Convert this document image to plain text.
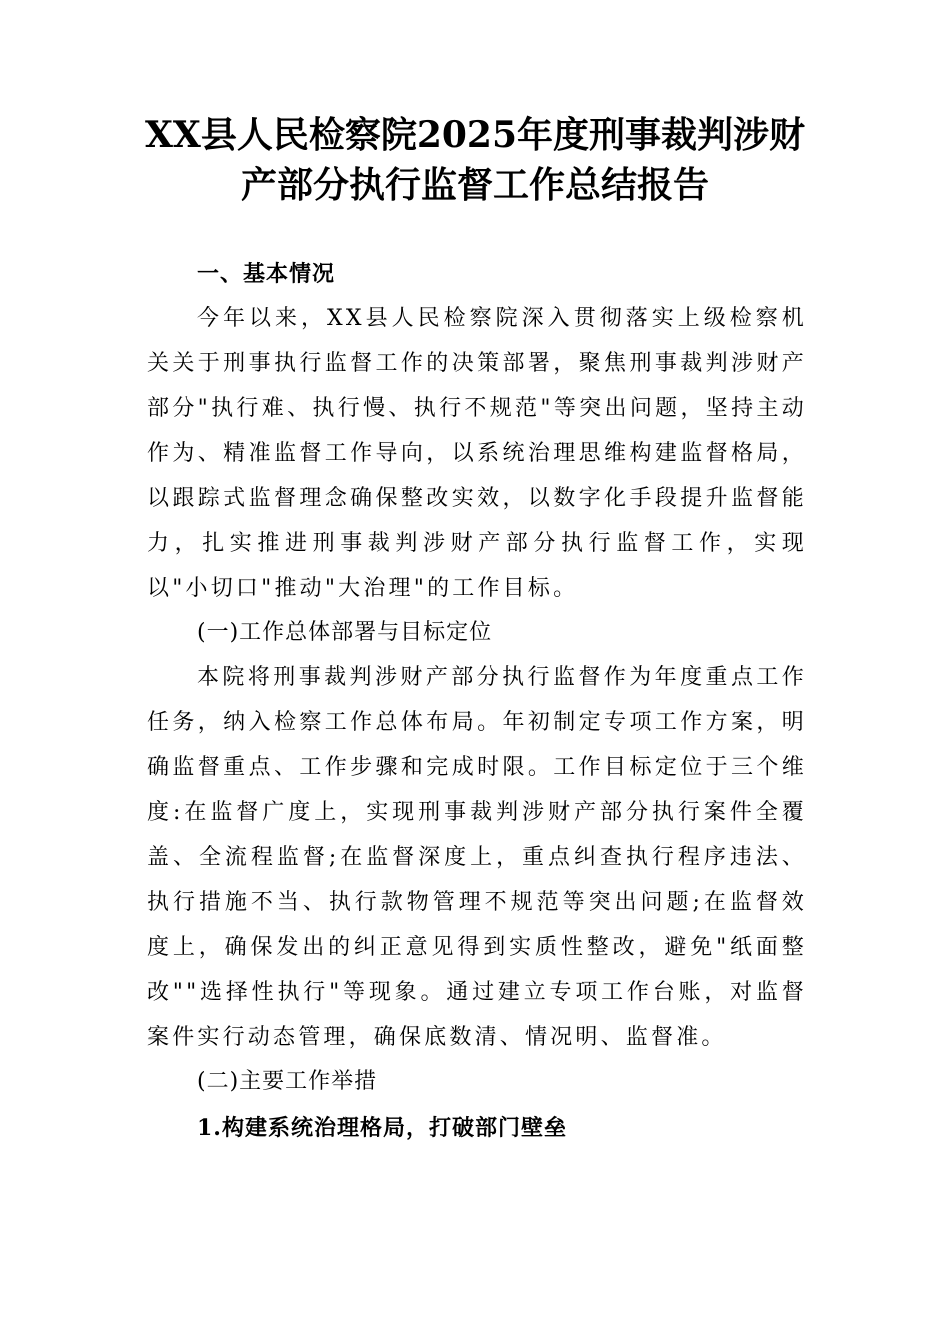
XX县人民检察院2025年度刑事裁判涉财
产部分执行监督工作总结报告

一、基本情况

今年以来，XX县人民检察院深入贯彻落实上级检察机关关于刑事执行监督工作的决策部署，聚焦刑事裁判涉财产部分"执行难、执行慢、执行不规范"等突出问题，坚持主动作为、精准监督工作导向，以系统治理思维构建监督格局，以跟踪式监督理念确保整改实效，以数字化手段提升监督能力，扎实推进刑事裁判涉财产部分执行监督工作，实现以"小切口"推动"大治理"的工作目标。

(一)工作总体部署与目标定位

本院将刑事裁判涉财产部分执行监督作为年度重点工作任务，纳入检察工作总体布局。年初制定专项工作方案，明确监督重点、工作步骤和完成时限。工作目标定位于三个维度:在监督广度上，实现刑事裁判涉财产部分执行案件全覆盖、全流程监督;在监督深度上，重点纠查执行程序违法、执行措施不当、执行款物管理不规范等突出问题;在监督效度上，确保发出的纠正意见得到实质性整改，避免"纸面整改""选择性执行"等现象。通过建立专项工作台账，对监督案件实行动态管理，确保底数清、情况明、监督准。

(二)主要工作举措

1.构建系统治理格局，打破部门壁垒
